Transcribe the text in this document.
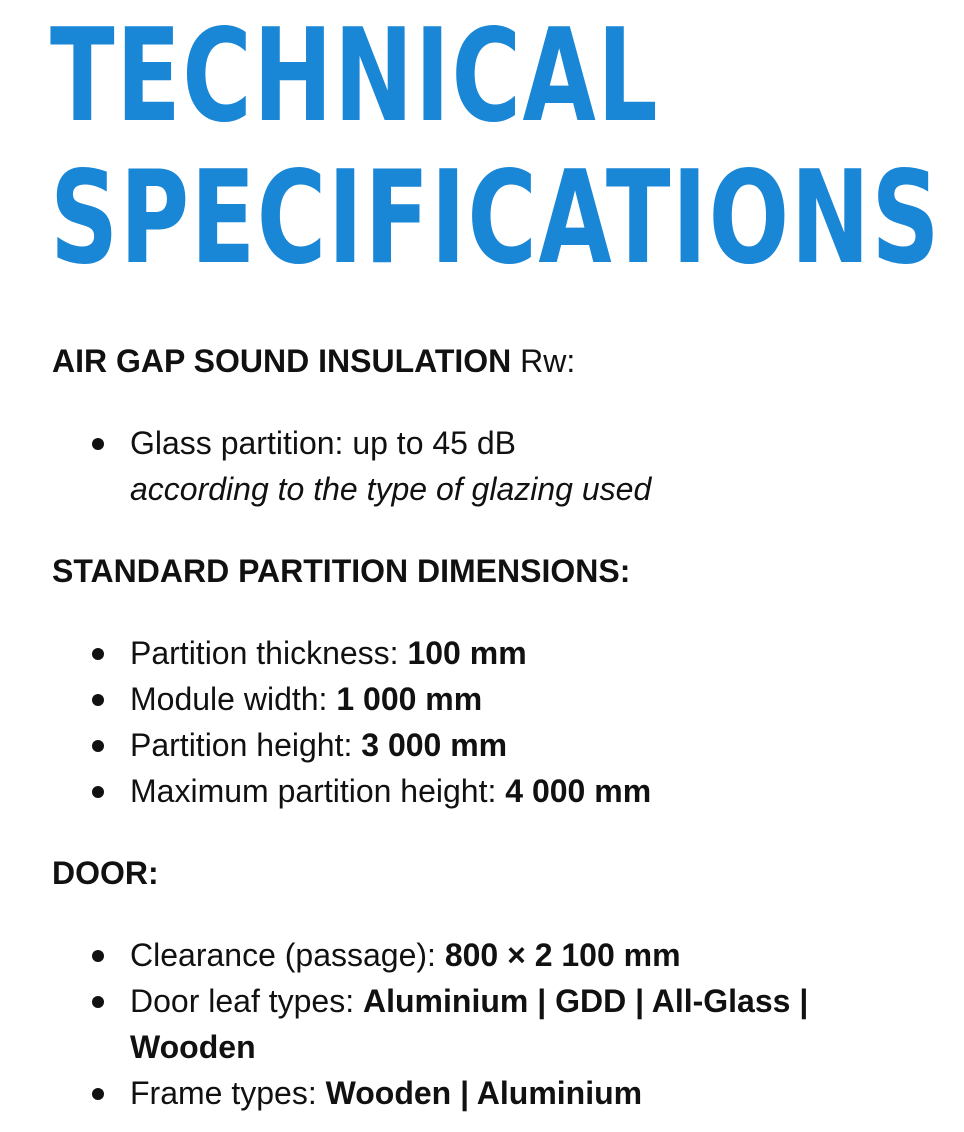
TECHNICAL
SPECIFICATIONS

AIR GAP SOUND INSULATION Rw:

Glass partition: up to 45 dB
according to the type of glazing used

STANDARD PARTITION DIMENSIONS:

Partition thickness: 100 mm
Module width: 1 000 mm
Partition height: 3 000 mm
Maximum partition height: 4 000 mm

DOOR:

Clearance (passage): 800 × 2 100 mm
Door leaf types: Aluminium | GDD | All-Glass | Wooden
Frame types: Wooden | Aluminium
